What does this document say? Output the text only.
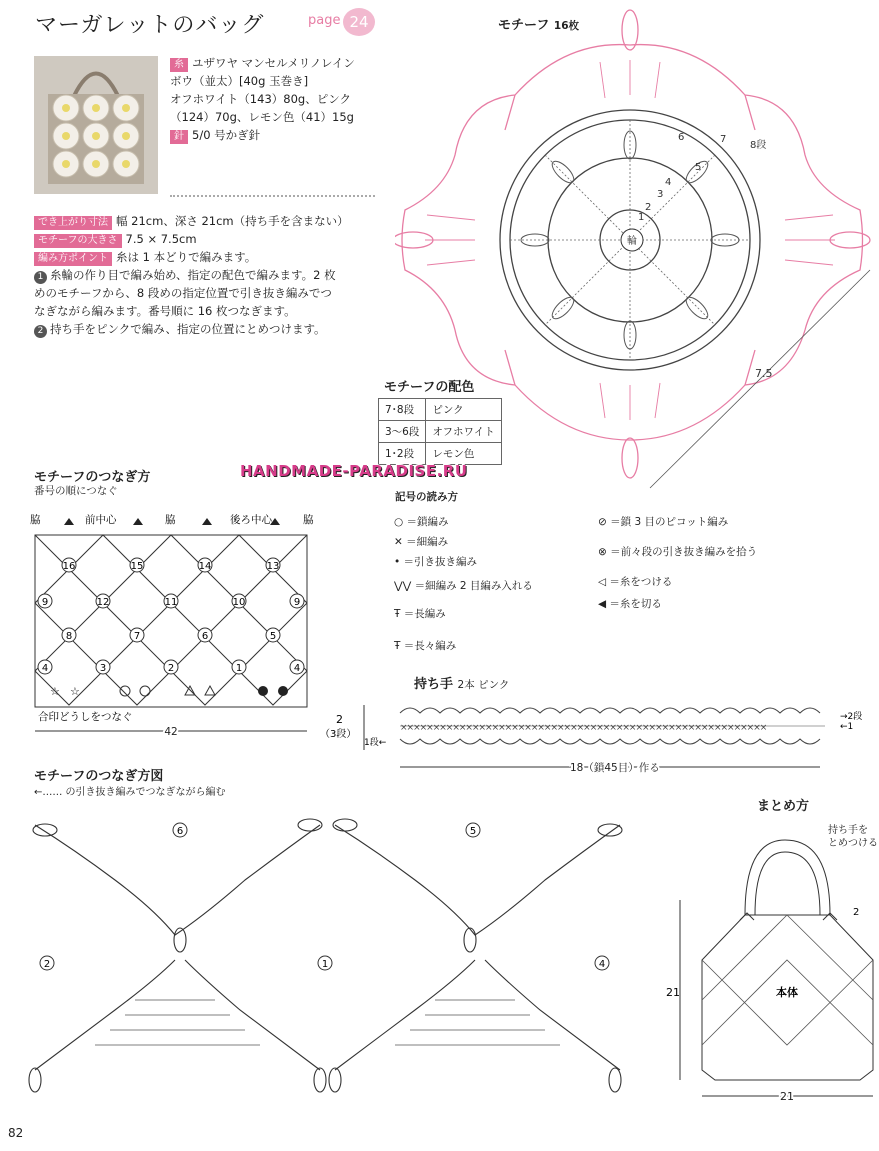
マーガレットのバッグ	page 24
糸 ユザワヤ マンセルメリノレイン
ボウ（並太）[40g 玉巻き]
オフホワイト（143）80g、ピンク
（124）70g、レモン色（41）15g
針 5/0 号かぎ針
でき上がり寸法 幅 21cm、深さ 21cm（持ち手を含まない）
モチーフの大きさ 7.5 × 7.5cm
編み方ポイント 糸は 1 本どりで編みます。
1 糸輪の作り目で編み始め、指定の配色で編みます。2 枚
めのモチーフから、8 段めの指定位置で引き抜き編みでつ
なぎながら編みます。番号順に 16 枚つなぎます。
2 持ち手をピンクで編み、指定の位置にとめつけます。
モチーフ 16枚
輪
7
8段
6
5
4
3
2
1
7.5
モチーフの配色
7･8段	ピンク
3〜6段	オフホワイト
1･2段	レモン色
HANDMADE-PARADISE.RU
モチーフのつなぎ方
番号の順につなぐ
脇	前中心	脇	後ろ中心	脇
16	15	14	13
9	12	11	10	9
8	7	6	5
4	3	2	1	4
☆ ☆
合印どうしをつなぐ
42
記号の読み方
○ ＝鎖編み
✕ ＝細編み
• ＝引き抜き編み
⋁⋁ ＝細編み 2 目編み入れる
Ŧ ＝長編み
Ŧ ＝長々編み
⊘ ＝鎖 3 目のピコット編み
⊗ ＝前々段の引き抜き編みを拾う
◁ ＝糸をつける
◀ ＝糸を切る
持ち手 2本 ピンク
2
（3段）
××××××××××××××××××××××××××××××××××××××××××××××××××××××××
1段←
→2段
←1
18（鎖45目）作る
モチーフのつなぎ方図
←…… の引き抜き編みでつなぎながら編む
6	5
2	1	4
まとめ方
持ち手を
とめつける
本体
2
21
21
82
